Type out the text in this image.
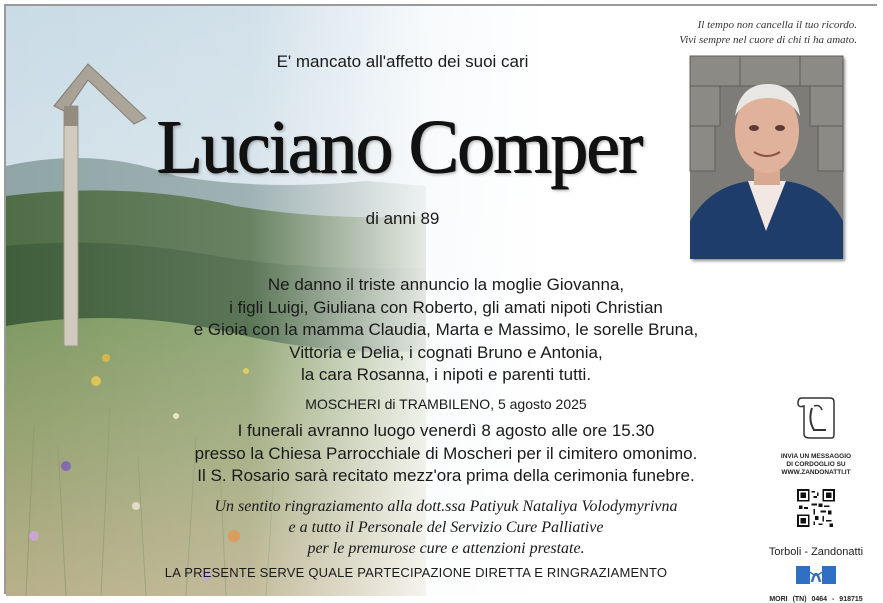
Il tempo non cancella il tuo ricordo.
Vivi sempre nel cuore di chi ti ha amato.
E' mancato all'affetto dei suoi cari
Luciano Comper
di anni 89
Ne danno il triste annuncio la moglie Giovanna,
i figli Luigi, Giuliana con Roberto, gli amati nipoti Christian
e Gioia con la mamma Claudia, Marta e Massimo, le sorelle Bruna,
Vittoria e Delia, i cognati Bruno e Antonia,
la cara Rosanna, i nipoti e parenti tutti.
MOSCHERI di TRAMBILENO, 5 agosto 2025
I funerali avranno luogo venerdì 8 agosto alle ore 15.30
presso la Chiesa Parrocchiale di Moscheri per il cimitero omonimo.
Il S. Rosario sarà recitato mezz'ora prima della cerimonia funebre.
Un sentito ringraziamento alla dott.ssa Patiyuk Nataliya Volodymyrivna
e a tutto il Personale del Servizio Cure Palliative
per le premurose cure e attenzioni prestate.
LA PRESENTE SERVE QUALE PARTECIPAZIONE DIRETTA E RINGRAZIAMENTO
INVIA UN MESSAGGIO
DI CORDOGLIO SU
WWW.ZANDONATTI.IT
Torboli - Zandonatti
MORI (TN) 0464 - 918715
